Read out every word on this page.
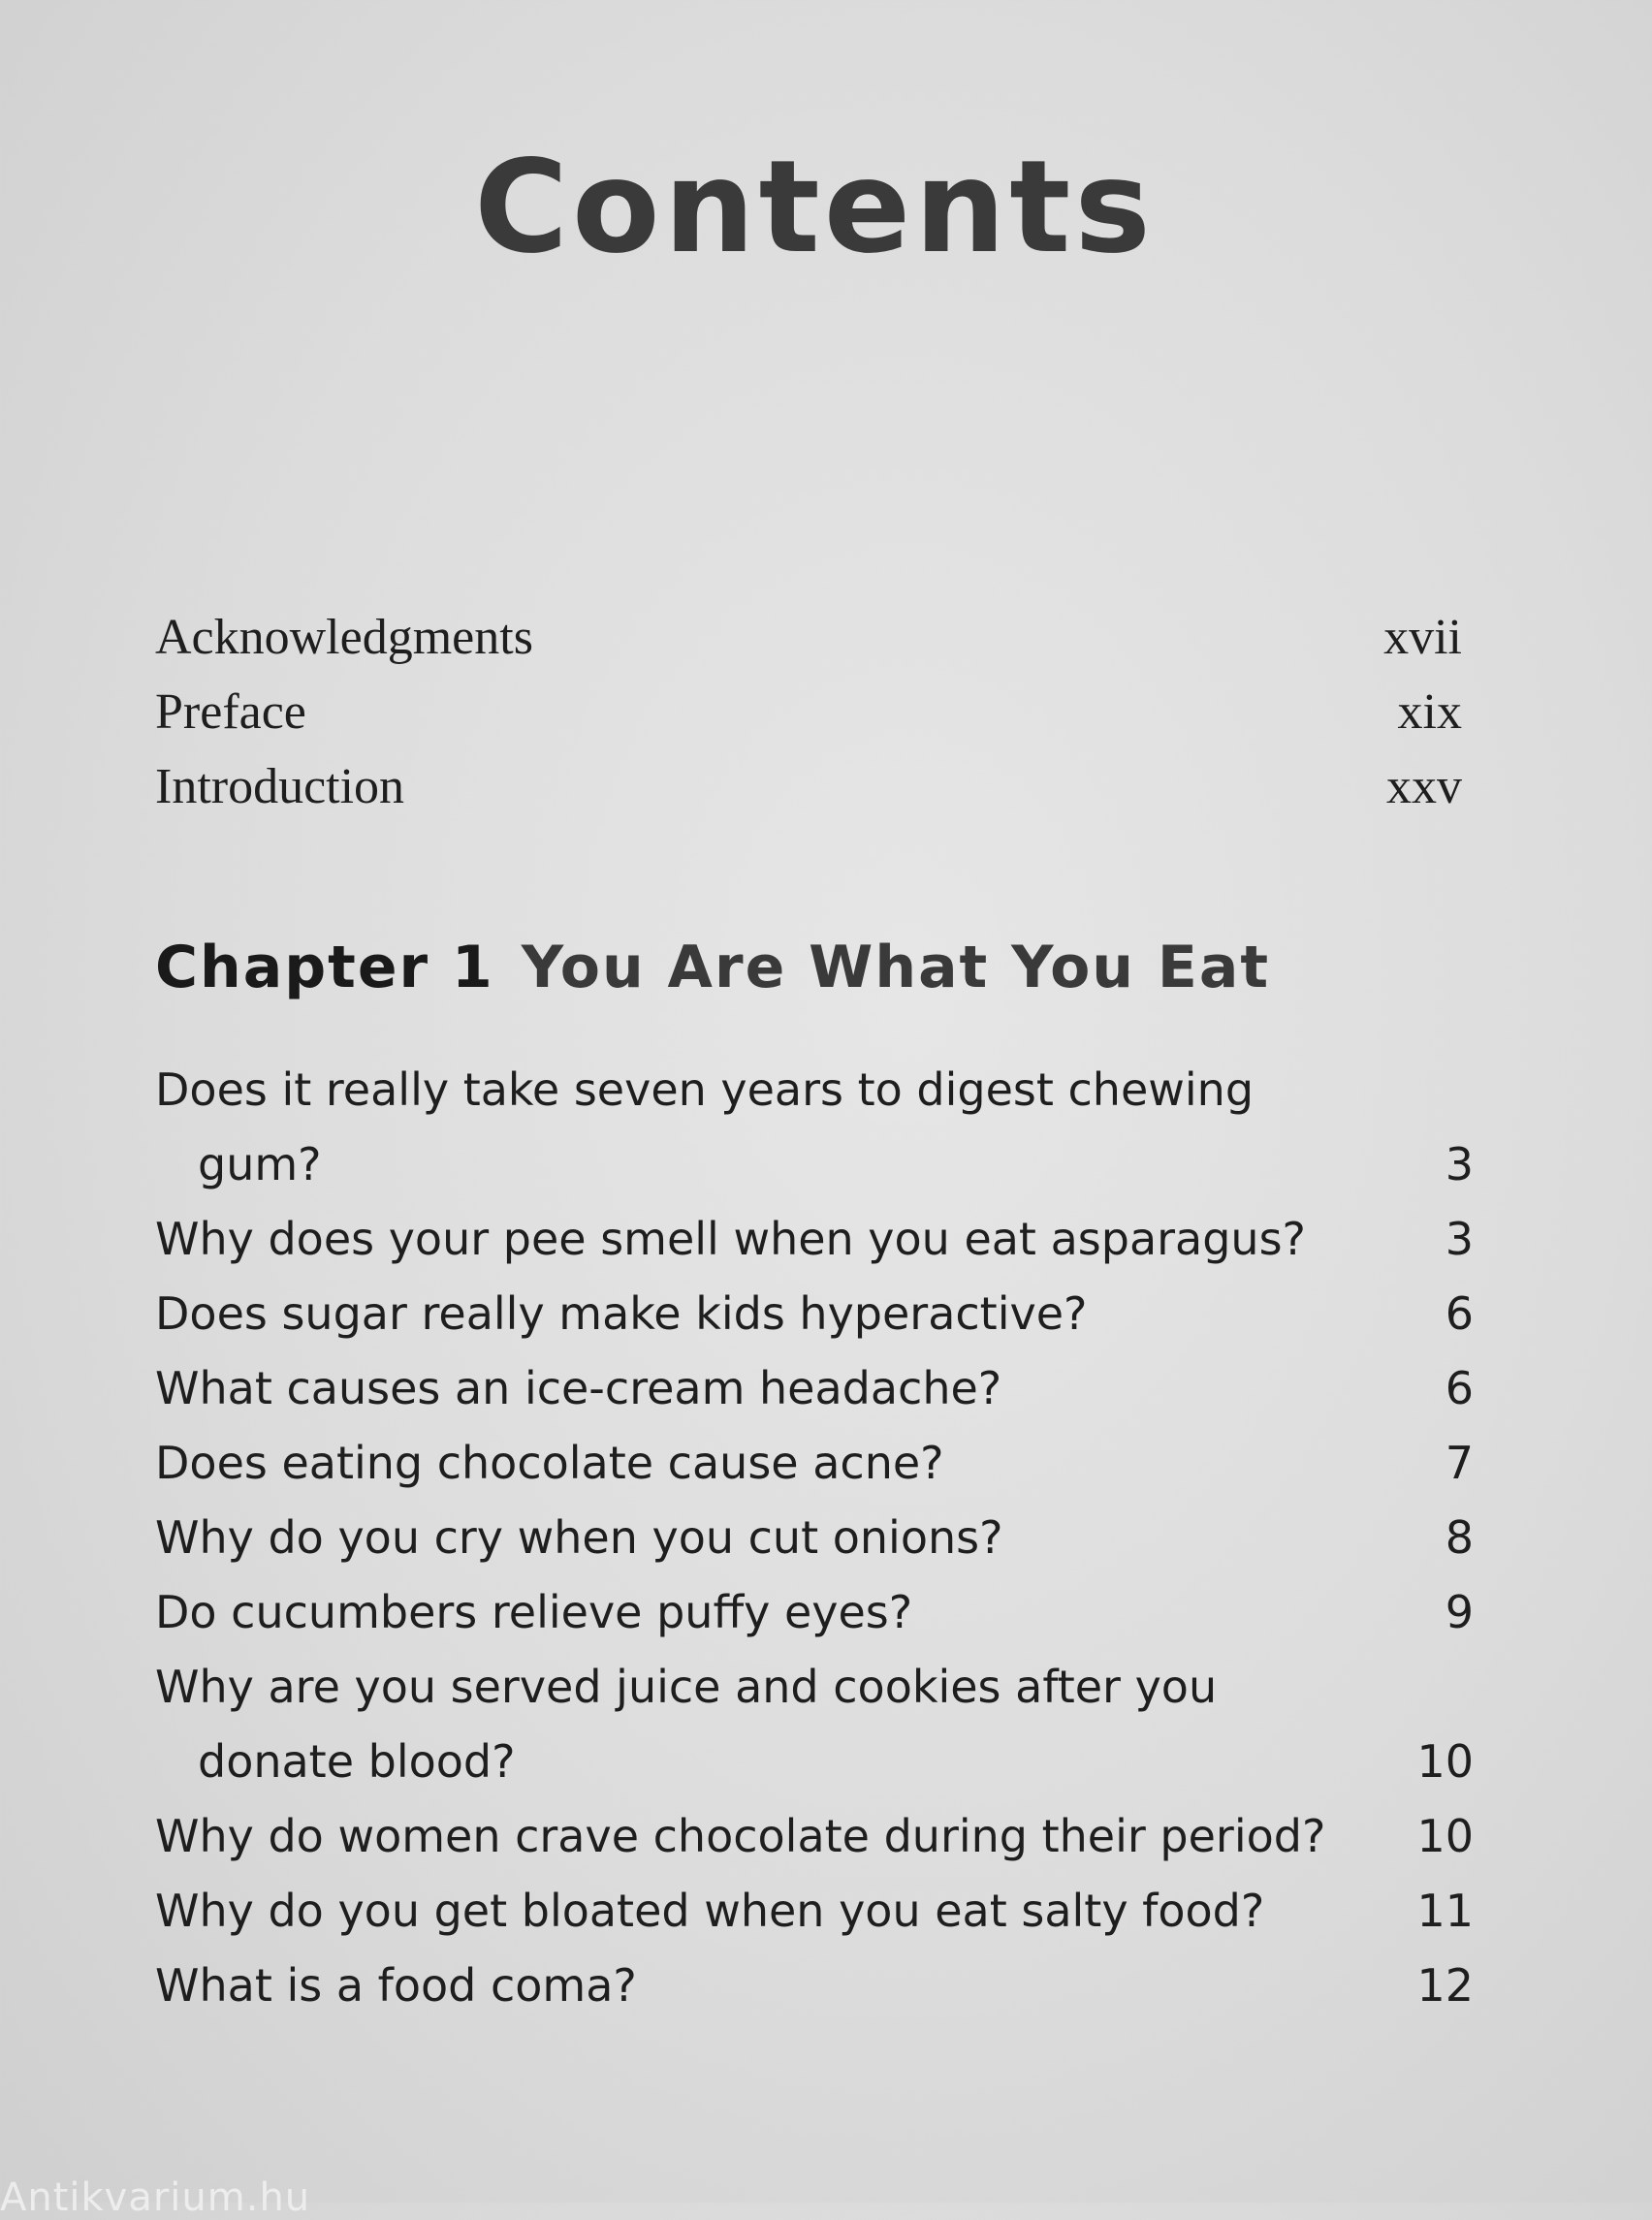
Contents
Acknowledgments	xvii
Preface	xix
Introduction	xxv
Chapter 1 You Are What You Eat
Does it really take seven years to digest chewing
gum?	3
Why does your pee smell when you eat asparagus?	3
Does sugar really make kids hyperactive?	6
What causes an ice-cream headache?	6
Does eating chocolate cause acne?	7
Why do you cry when you cut onions?	8
Do cucumbers relieve puffy eyes?	9
Why are you served juice and cookies after you
donate blood?	10
Why do women crave chocolate during their period?	10
Why do you get bloated when you eat salty food?	11
What is a food coma?	12
Antikvarium.hu
